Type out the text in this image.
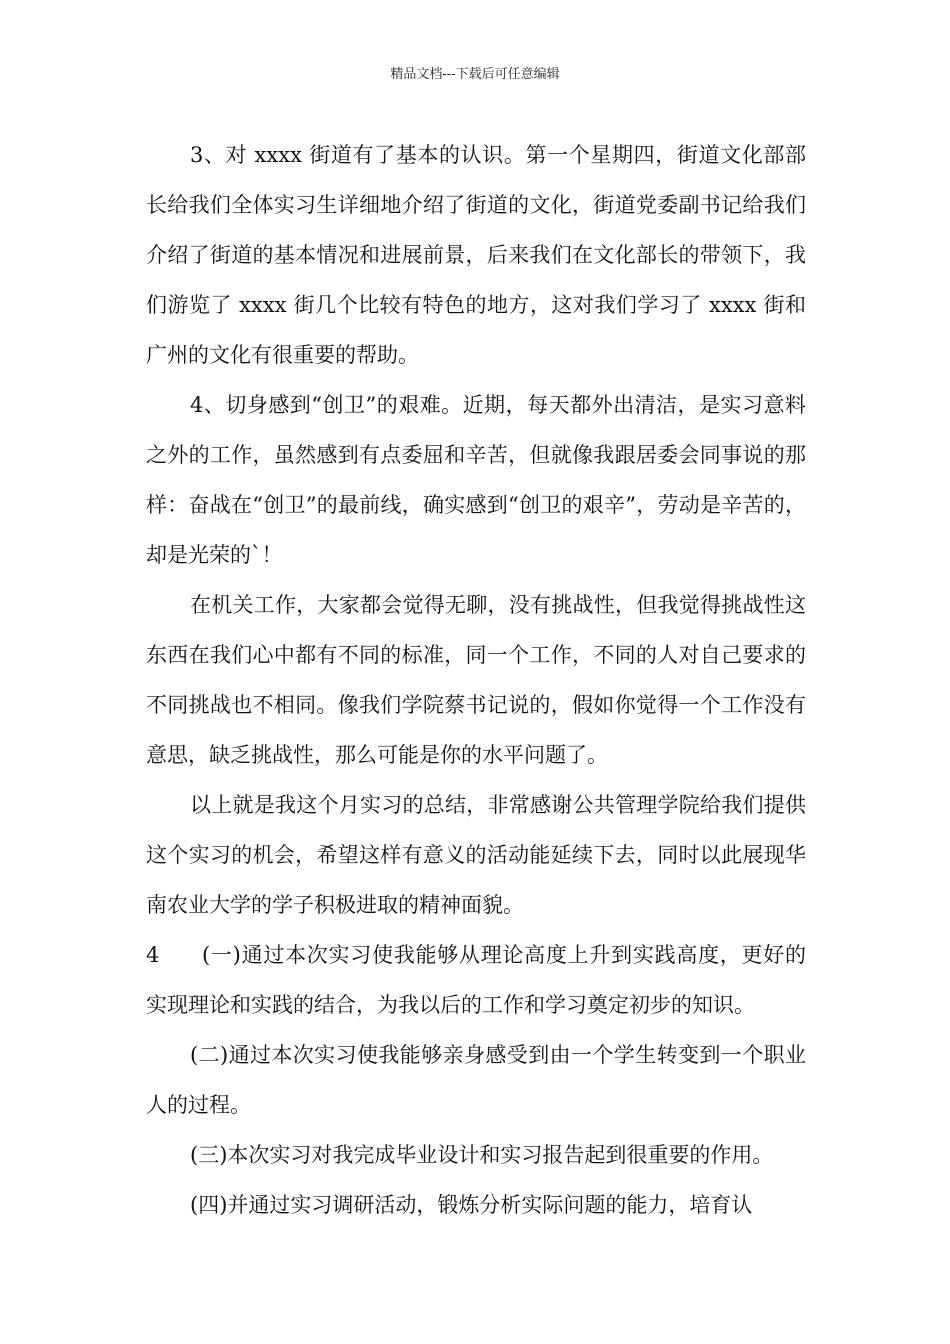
精品文档---下载后可任意编辑

3、对 xxxx 街道有了基本的认识。第一个星期四，街道文化部部长给我们全体实习生详细地介绍了街道的文化，街道党委副书记给我们介绍了街道的基本情况和进展前景，后来我们在文化部长的带领下，我们游览了 xxxx 街几个比较有特色的地方，这对我们学习了 xxxx 街和广州的文化有很重要的帮助。

4、切身感到“创卫”的艰难。近期，每天都外出清洁，是实习意料之外的工作，虽然感到有点委屈和辛苦，但就像我跟居委会同事说的那样：奋战在“创卫”的最前线，确实感到“创卫的艰辛”，劳动是辛苦的，却是光荣的`！

在机关工作，大家都会觉得无聊，没有挑战性，但我觉得挑战性这东西在我们心中都有不同的标准，同一个工作，不同的人对自己要求的不同挑战也不相同。像我们学院蔡书记说的，假如你觉得一个工作没有意思，缺乏挑战性，那么可能是你的水平问题了。

以上就是我这个月实习的总结，非常感谢公共管理学院给我们提供这个实习的机会，希望这样有意义的活动能延续下去，同时以此展现华南农业大学的学子积极进取的精神面貌。

4 (一)通过本次实习使我能够从理论高度上升到实践高度，更好的实现理论和实践的结合，为我以后的工作和学习奠定初步的知识。

(二)通过本次实习使我能够亲身感受到由一个学生转变到一个职业人的过程。

(三)本次实习对我完成毕业设计和实习报告起到很重要的作用。

(四)并通过实习调研活动，锻炼分析实际问题的能力，培育认
